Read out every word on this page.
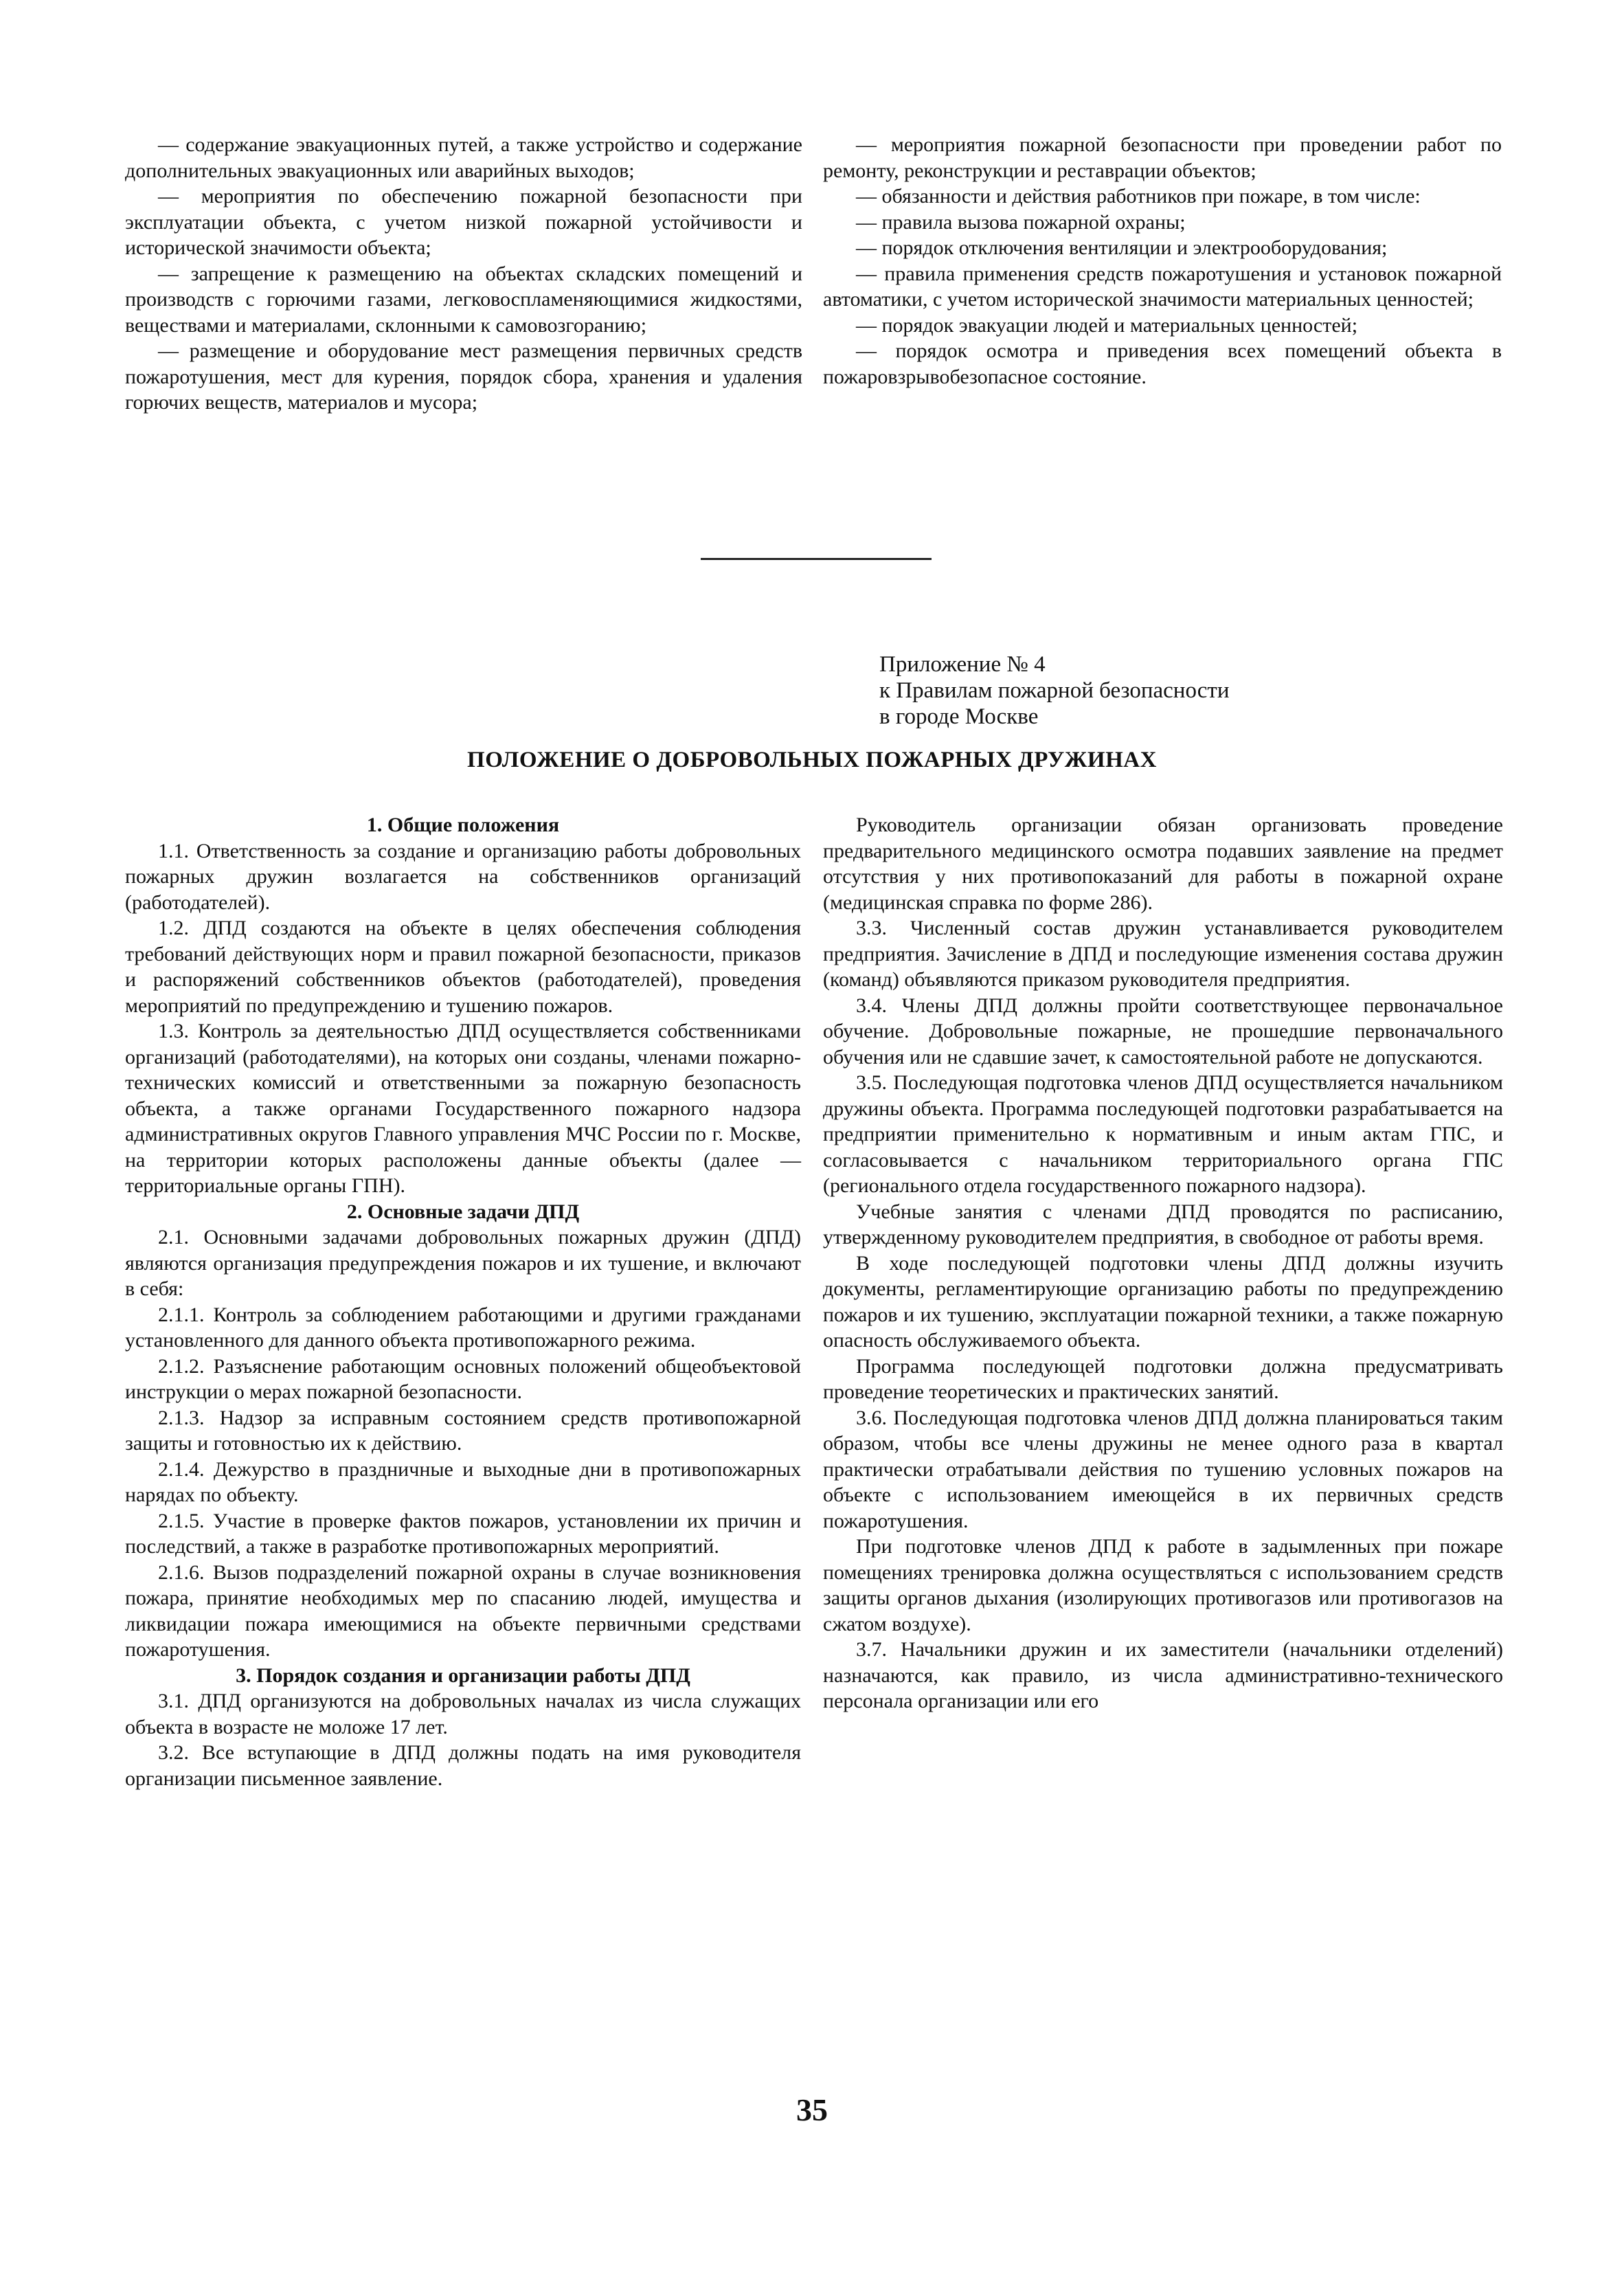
— содержание эвакуационных путей, а также устройство и содержание дополнительных эвакуационных или аварийных выходов;

— мероприятия по обеспечению пожарной безопасности при эксплуатации объекта, с учетом низкой пожарной устойчивости и исторической значимости объекта;

— запрещение к размещению на объектах складских помещений и производств с горючими газами, легковоспламеняющимися жидкостями, веществами и материалами, склонными к самовозгоранию;

— размещение и оборудование мест размещения первичных средств пожаротушения, мест для курения, порядок сбора, хранения и удаления горючих веществ, материалов и мусора;

— мероприятия пожарной безопасности при проведении работ по ремонту, реконструкции и реставрации объектов;

— обязанности и действия работников при пожаре, в том числе:

— правила вызова пожарной охраны;

— порядок отключения вентиляции и электрооборудования;

— правила применения средств пожаротушения и установок пожарной автоматики, с учетом исторической значимости материальных ценностей;

— порядок эвакуации людей и материальных ценностей;

— порядок осмотра и приведения всех помещений объекта в пожаровзрывобезопасное состояние.

Приложение № 4
к Правилам пожарной безопасности
в городе Москве
ПОЛОЖЕНИЕ О ДОБРОВОЛЬНЫХ ПОЖАРНЫХ ДРУЖИНАХ

1. Общие положения

1.1. Ответственность за создание и организацию работы добровольных пожарных дружин возлагается на собственников организаций (работодателей).

1.2. ДПД создаются на объекте в целях обеспечения соблюдения требований действующих норм и правил пожарной безопасности, приказов и распоряжений собственников объектов (работодателей), проведения мероприятий по предупреждению и тушению пожаров.

1.3. Контроль за деятельностью ДПД осуществляется собственниками организаций (работодателями), на которых они созданы, членами пожарно-технических комиссий и ответственными за пожарную безопасность объекта, а также органами Государственного пожарного надзора административных округов Главного управления МЧС России по г. Москве, на территории которых расположены данные объекты (далее — территориальные органы ГПН).

2. Основные задачи ДПД

2.1. Основными задачами добровольных пожарных дружин (ДПД) являются организация предупреждения пожаров и их тушение, и включают в себя:

2.1.1. Контроль за соблюдением работающими и другими гражданами установленного для данного объекта противопожарного режима.

2.1.2. Разъяснение работающим основных положений общеобъектовой инструкции о мерах пожарной безопасности.

2.1.3. Надзор за исправным состоянием средств противопожарной защиты и готовностью их к действию.

2.1.4. Дежурство в праздничные и выходные дни в противопожарных нарядах по объекту.

2.1.5. Участие в проверке фактов пожаров, установлении их причин и последствий, а также в разработке противопожарных мероприятий.

2.1.6. Вызов подразделений пожарной охраны в случае возникновения пожара, принятие необходимых мер по спасанию людей, имущества и ликвидации пожара имеющимися на объекте первичными средствами пожаротушения.

3. Порядок создания и организации работы ДПД

3.1. ДПД организуются на добровольных началах из числа служащих объекта в возрасте не моложе 17 лет.

3.2. Все вступающие в ДПД должны подать на имя руководителя организации письменное заявление.

Руководитель организации обязан организовать проведение предварительного медицинского осмотра подавших заявление на предмет отсутствия у них противопоказаний для работы в пожарной охране (медицинская справка по форме 286).

3.3. Численный состав дружин устанавливается руководителем предприятия. Зачисление в ДПД и последующие изменения состава дружин (команд) объявляются приказом руководителя предприятия.

3.4. Члены ДПД должны пройти соответствующее первоначальное обучение. Добровольные пожарные, не прошедшие первоначального обучения или не сдавшие зачет, к самостоятельной работе не допускаются.

3.5. Последующая подготовка членов ДПД осуществляется начальником дружины объекта. Программа последующей подготовки разрабатывается на предприятии применительно к нормативным и иным актам ГПС, и согласовывается с начальником территориального органа ГПС (регионального отдела государственного пожарного надзора).

Учебные занятия с членами ДПД проводятся по расписанию, утвержденному руководителем предприятия, в свободное от работы время.

В ходе последующей подготовки члены ДПД должны изучить документы, регламентирующие организацию работы по предупреждению пожаров и их тушению, эксплуатации пожарной техники, а также пожарную опасность обслуживаемого объекта.

Программа последующей подготовки должна предусматривать проведение теоретических и практических занятий.

3.6. Последующая подготовка членов ДПД должна планироваться таким образом, чтобы все члены дружины не менее одного раза в квартал практически отрабатывали действия по тушению условных пожаров на объекте с использованием имеющейся в их первичных средств пожаротушения.

При подготовке членов ДПД к работе в задымленных при пожаре помещениях тренировка должна осуществляться с использованием средств защиты органов дыхания (изолирующих противогазов или противогазов на сжатом воздухе).

3.7. Начальники дружин и их заместители (начальники отделений) назначаются, как правило, из числа административно-технического персонала организации или его

35
